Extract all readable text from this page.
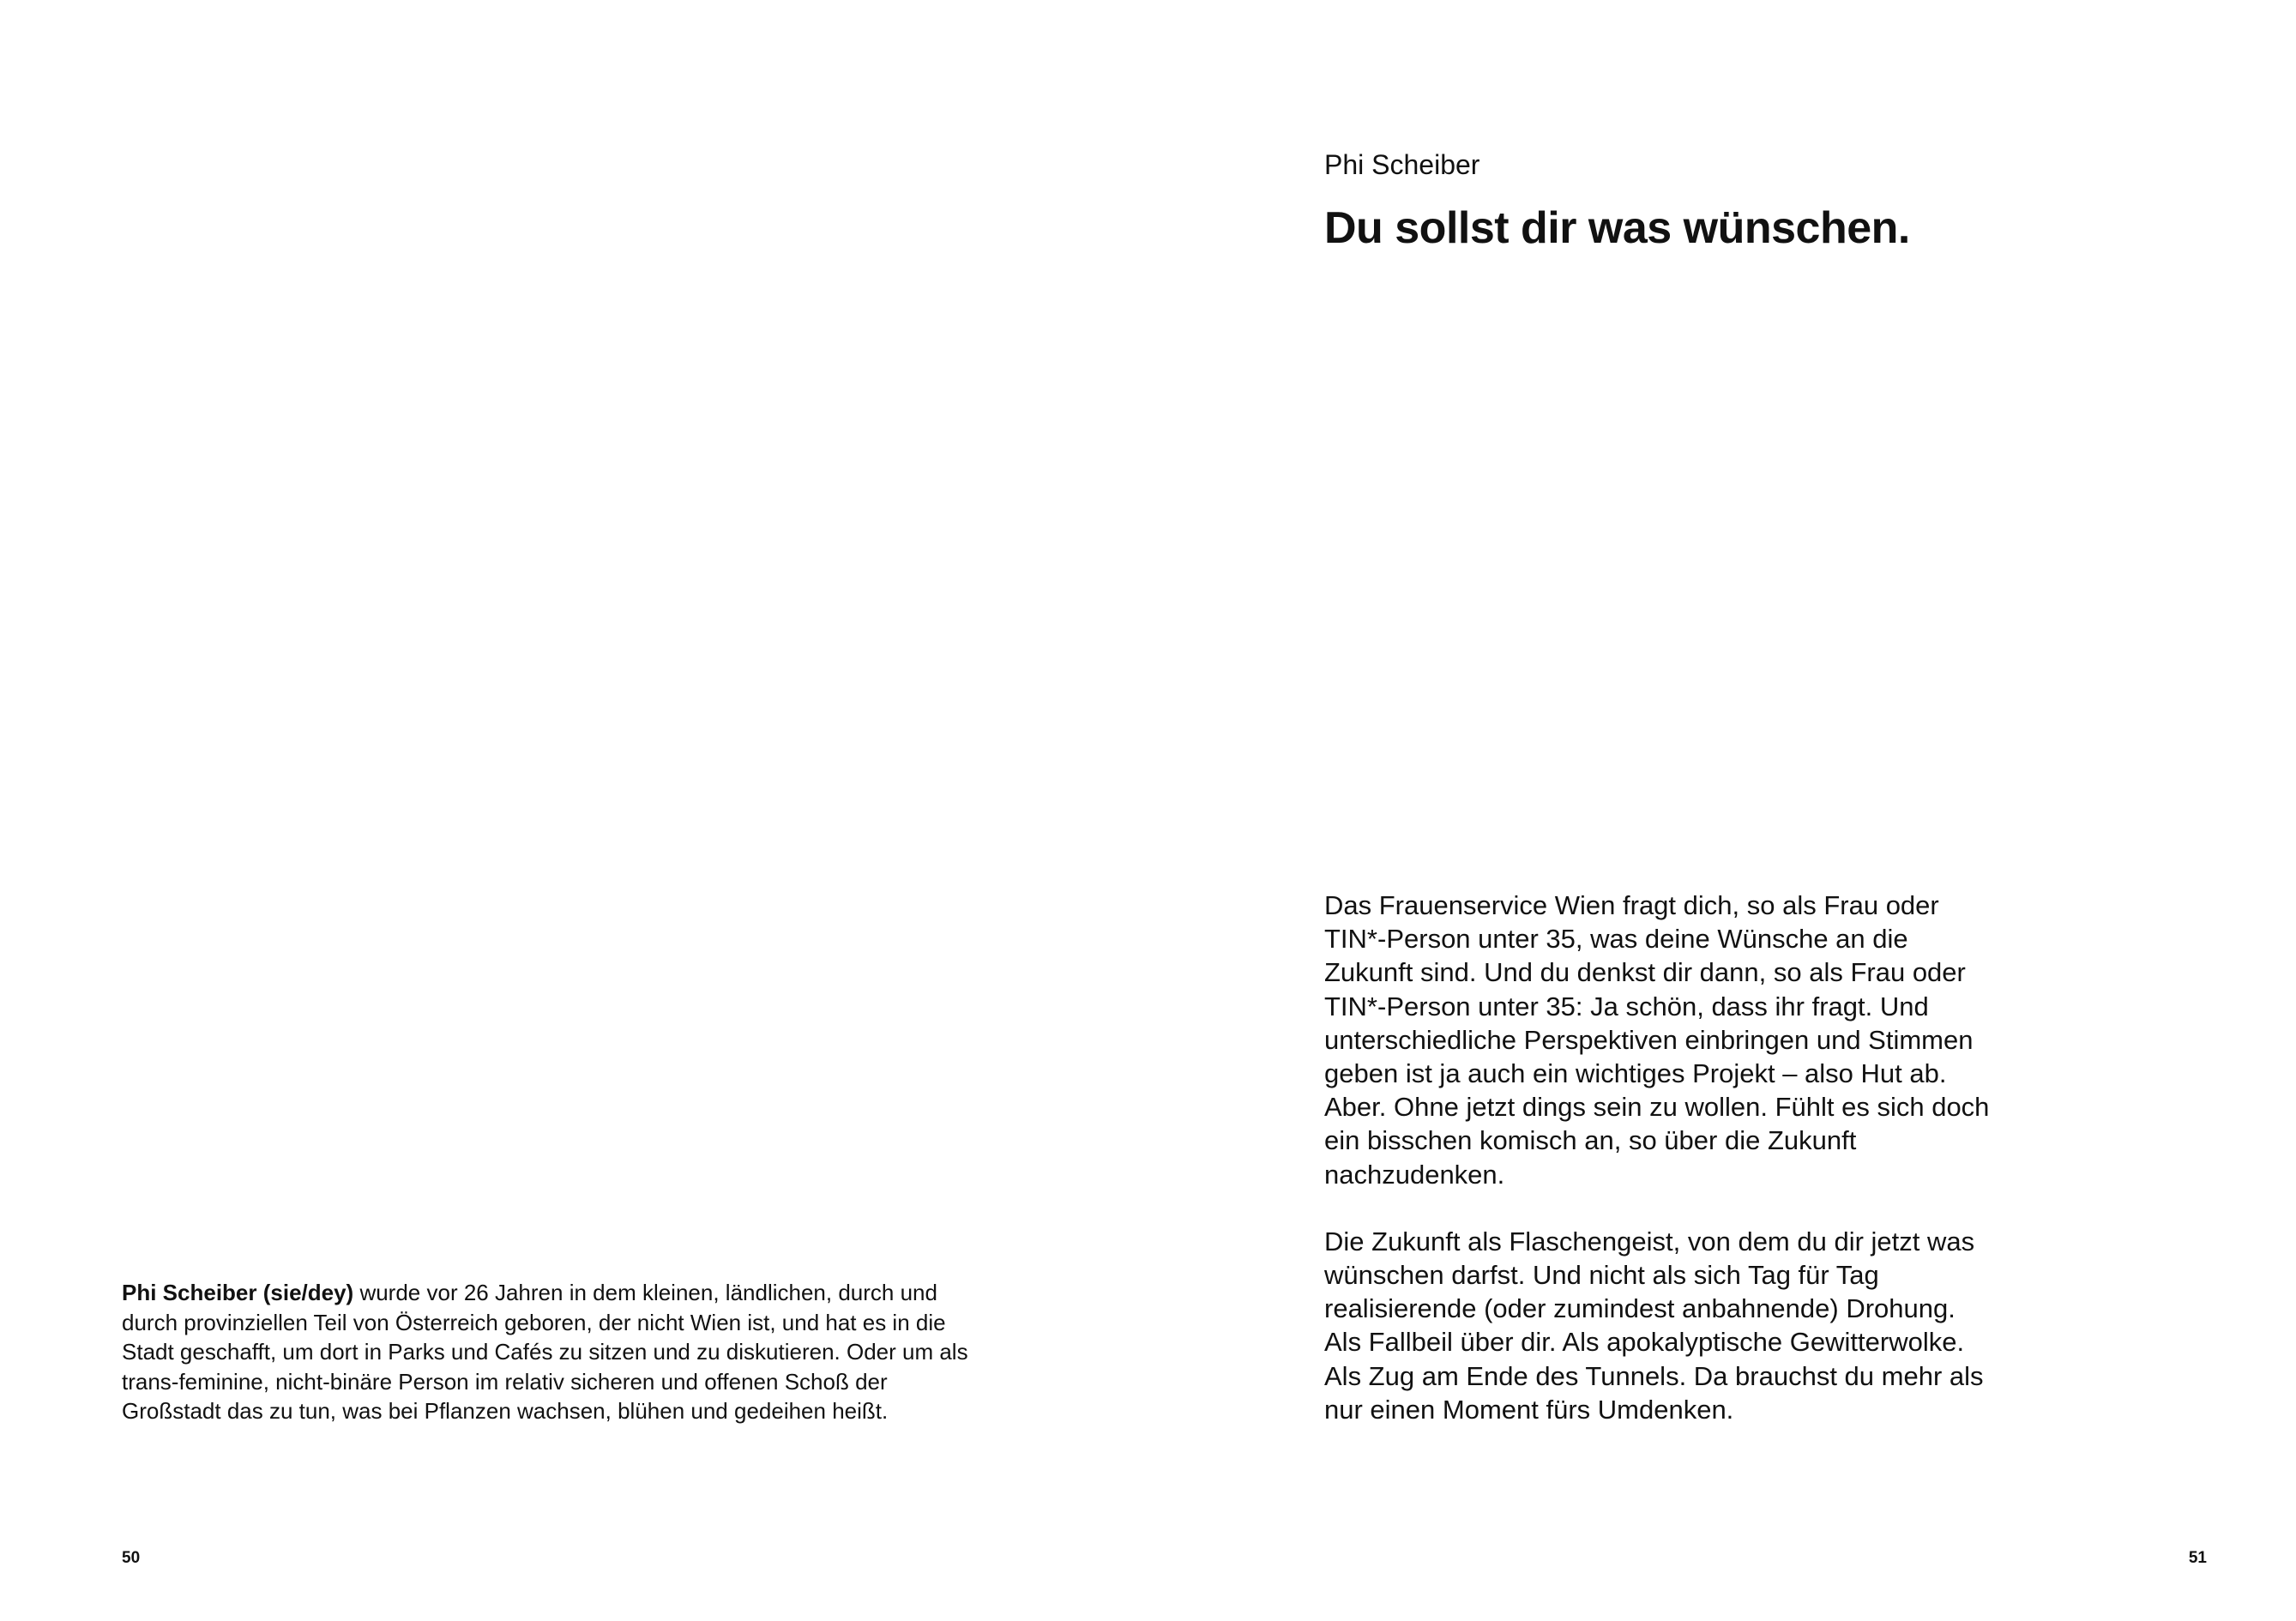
Phi Scheiber (sie/dey) wurde vor 26 Jahren in dem kleinen, ländlichen, durch und durch provinziellen Teil von Österreich geboren, der nicht Wien ist, und hat es in die Stadt geschafft, um dort in Parks und Cafés zu sitzen und zu diskutieren. Oder um als trans-feminine, nicht-binäre Person im relativ sicheren und offenen Schoß der Großstadt das zu tun, was bei Pflanzen wachsen, blühen und gedeihen heißt.

50

Phi Scheiber
Du sollst dir was wünschen.

Das Frauenservice Wien fragt dich, so als Frau oder TIN*-Person unter 35, was deine Wünsche an die Zukunft sind. Und du denkst dir dann, so als Frau oder TIN*-Person unter 35: Ja schön, dass ihr fragt. Und unterschiedliche Perspektiven einbringen und Stimmen geben ist ja auch ein wichtiges Projekt – also Hut ab. Aber. Ohne jetzt dings sein zu wollen. Fühlt es sich doch ein bisschen komisch an, so über die Zukunft nachzudenken.

Die Zukunft als Flaschengeist, von dem du dir jetzt was wünschen darfst. Und nicht als sich Tag für Tag realisierende (oder zumindest anbahnende) Drohung. Als Fallbeil über dir. Als apokalyptische Gewitterwolke. Als Zug am Ende des Tunnels. Da brauchst du mehr als nur einen Moment fürs Umdenken.

51
